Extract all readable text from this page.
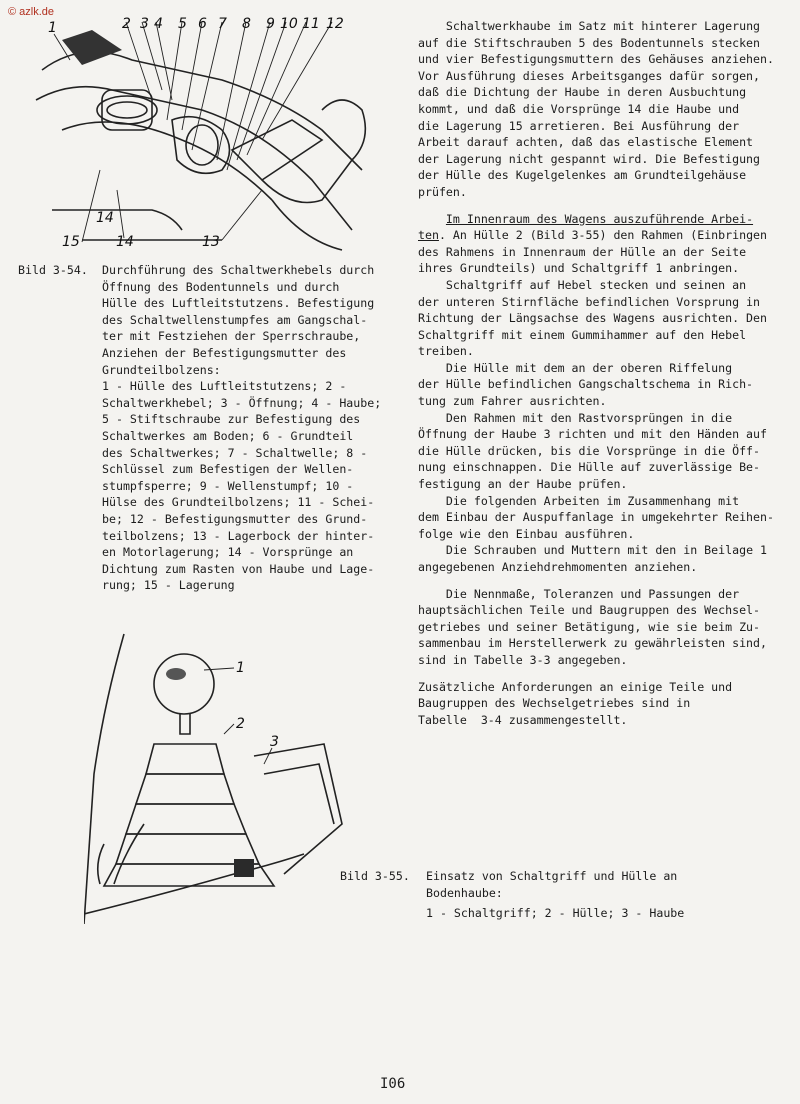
© azlk.de
1	2 3 4 5 6 7 8 9 10 11 12
13
14
15
14
Bild 3-54. Durchführung des Schaltwerkhebels durch
Öffnung des Bodentunnels und durch
Hülle des Luftleitstutzens. Befestigung
des Schaltwellenstumpfes am Gangschal-
ter mit Festziehen der Sperrschraube,
Anziehen der Befestigungsmutter des
Grundteilbolzens:
1 - Hülle des Luftleitstutzens; 2 -
Schaltwerkhebel; 3 - Öffnung; 4 - Haube;
5 - Stiftschraube zur Befestigung des
Schaltwerkes am Boden; 6 - Grundteil
des Schaltwerkes; 7 - Schaltwelle; 8 -
Schlüssel zum Befestigen der Wellen-
stumpfsperre; 9 - Wellenstumpf; 10 -
Hülse des Grundteilbolzens; 11 - Schei-
be; 12 - Befestigungsmutter des Grund-
teilbolzens; 13 - Lagerbock der hinter-
en Motorlagerung; 14 - Vorsprünge an
Dichtung zum Rasten von Haube und Lage-
rung; 15 - Lagerung
1
2
3
Bild 3-55. Einsatz von Schaltgriff und Hülle an
Bodenhaube:
1 - Schaltgriff; 2 - Hülle; 3 - Haube

Schaltwerkhaube im Satz mit hinterer Lagerung
auf die Stiftschrauben 5 des Bodentunnels stecken
und vier Befestigungsmuttern des Gehäuses anziehen.
Vor Ausführung dieses Arbeitsganges dafür sorgen,
daß die Dichtung der Haube in deren Ausbuchtung
kommt, und daß die Vorsprünge 14 die Haube und
die Lagerung 15 arretieren. Bei Ausführung der
Arbeit darauf achten, daß das elastische Element
der Lagerung nicht gespannt wird. Die Befestigung
der Hülle des Kugelgelenkes am Grundteilgehäuse
prüfen.

Im Innenraum des Wagens auszuführende Arbei-
ten. An Hülle 2 (Bild 3-55) den Rahmen (Einbringen
des Rahmens in Innenraum der Hülle an der Seite
ihres Grundteils) und Schaltgriff 1 anbringen.

Schaltgriff auf Hebel stecken und seinen an
der unteren Stirnfläche befindlichen Vorsprung in
Richtung der Längsachse des Wagens ausrichten. Den
Schaltgriff mit einem Gummihammer auf den Hebel
treiben.

Die Hülle mit dem an der oberen Riffelung
der Hülle befindlichen Gangschaltschema in Rich-
tung zum Fahrer ausrichten.

Den Rahmen mit den Rastvorsprüngen in die
Öffnung der Haube 3 richten und mit den Händen auf
die Hülle drücken, bis die Vorsprünge in die Öff-
nung einschnappen. Die Hülle auf zuverlässige Be-
festigung an der Haube prüfen.

Die folgenden Arbeiten im Zusammenhang mit
dem Einbau der Auspuffanlage in umgekehrter Reihen-
folge wie den Einbau ausführen.

Die Schrauben und Muttern mit den in Beilage 1
angegebenen Anziehdrehmomenten anziehen.

Die Nennmaße, Toleranzen und Passungen der
hauptsächlichen Teile und Baugruppen des Wechsel-
getriebes und seiner Betätigung, wie sie beim Zu-
sammenbau im Herstellerwerk zu gewährleisten sind,
sind in Tabelle 3-3 angegeben.

Zusätzliche Anforderungen an einige Teile und
Baugruppen des Wechselgetriebes sind in
Tabelle  3-4 zusammengestellt.

I06
